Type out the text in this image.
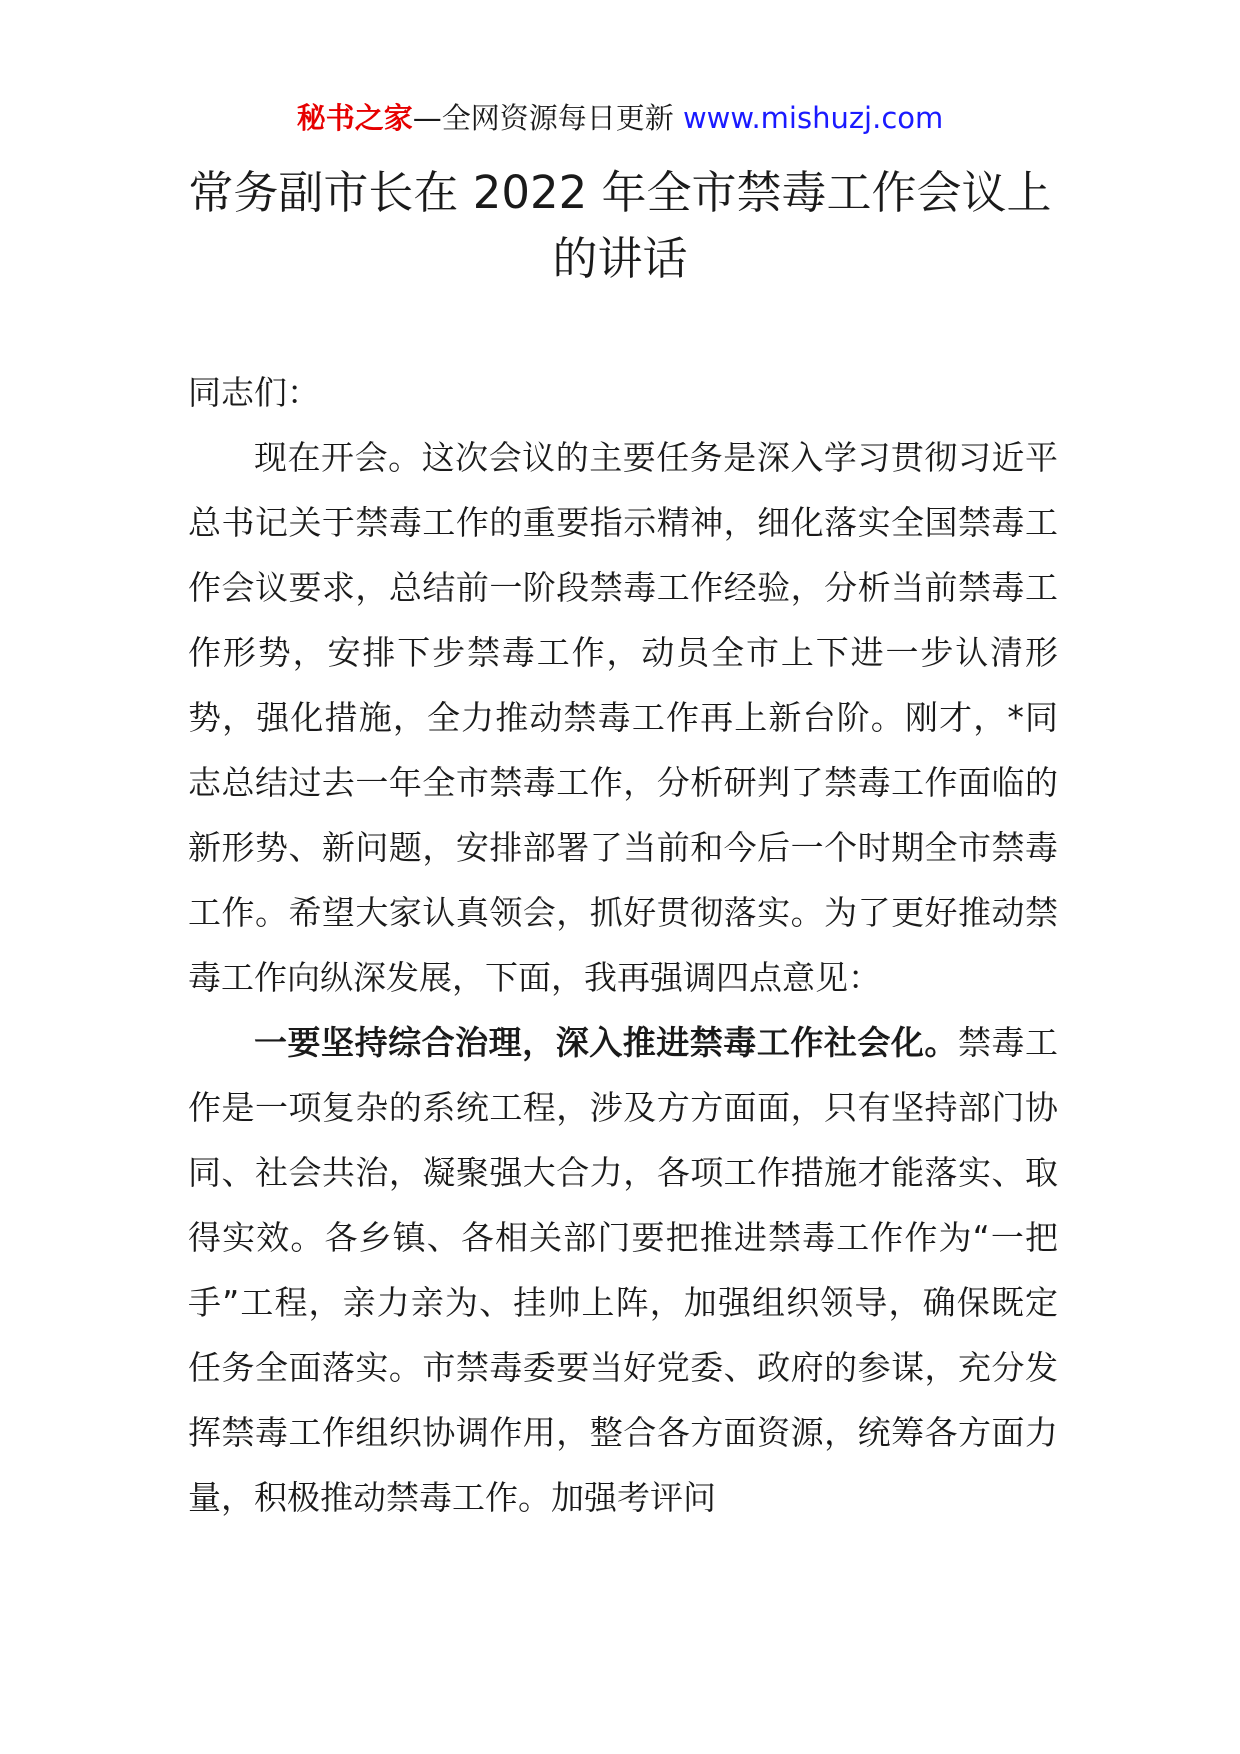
秘书之家—全网资源每日更新 www.mishuzj.com
常务副市长在 2022 年全市禁毒工作会议上
的讲话

同志们：

现在开会。这次会议的主要任务是深入学习贯彻习近平总书记关于禁毒工作的重要指示精神，细化落实全国禁毒工作会议要求，总结前一阶段禁毒工作经验，分析当前禁毒工作形势，安排下步禁毒工作，动员全市上下进一步认清形势，强化措施，全力推动禁毒工作再上新台阶。刚才，*同志总结过去一年全市禁毒工作，分析研判了禁毒工作面临的新形势、新问题，安排部署了当前和今后一个时期全市禁毒工作。希望大家认真领会，抓好贯彻落实。为了更好推动禁毒工作向纵深发展，下面，我再强调四点意见：

一要坚持综合治理，深入推进禁毒工作社会化。禁毒工作是一项复杂的系统工程，涉及方方面面，只有坚持部门协同、社会共治，凝聚强大合力，各项工作措施才能落实、取得实效。各乡镇、各相关部门要把推进禁毒工作作为“一把手”工程，亲力亲为、挂帅上阵，加强组织领导，确保既定任务全面落实。市禁毒委要当好党委、政府的参谋，充分发挥禁毒工作组织协调作用，整合各方面资源，统筹各方面力量，积极推动禁毒工作。加强考评问
